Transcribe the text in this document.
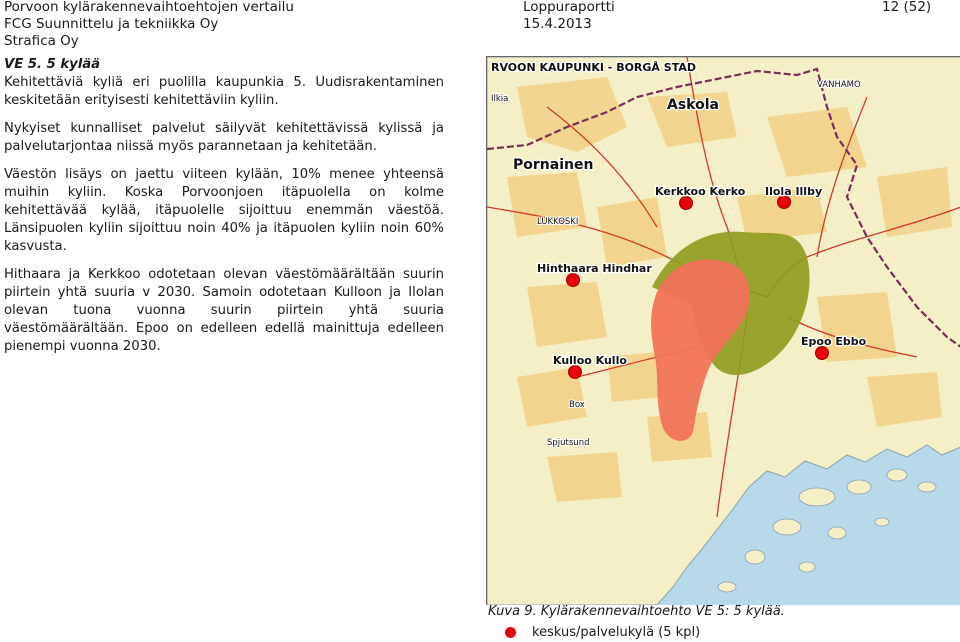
Porvoon kylärakennevaihtoehtojen vertailu
FCG Suunnittelu ja tekniikka Oy
Strafica Oy
Loppuraportti
15.4.2013
12 (52)

VE 5. 5 kylää

Kehitettäviä kyliä eri puolilla kaupunkia 5. Uudisrakentaminen keskitetään erityisesti kehitettäviin kyliin.

Nykyiset kunnalliset palvelut säilyvät kehitettävissä kylissä ja palvelutarjontaa niissä myös parannetaan ja kehitetään.

Väestön lisäys on jaettu viiteen kylään, 10% menee yhteensä muihin kyliin. Koska Porvoonjoen itäpuolella on kolme kehitettävää kylää, itäpuolelle sijoittuu enemmän väestöä. Länsipuolen kyliin sijoittuu noin 40% ja itäpuolen kyliin noin 60% kasvusta.

Hithaara ja Kerkkoo odotetaan olevan väestömäärältään suurin piirtein yhtä suuria v 2030. Samoin odotetaan Kulloon ja Ilolan olevan tuona vuonna suurin piirtein yhtä suuria väestömäärältään. Epoo on edelleen edellä mainittuja edelleen pienempi vuonna 2030.

RVOON KAUPUNKI - BORGÅ STAD
Askola
Pornainen
Kerkkoo Kerko Ilola Illby
Hinthaara Hindhar
Kulloo Kullo
Epoo Ebbo
LUKKOSKI
Box
Spjutsund
Ilkia
VANHAMO
Kuva 9. Kylärakennevaihtoehto VE 5: 5 kylää.
keskus/palvelukylä (5 kpl)
